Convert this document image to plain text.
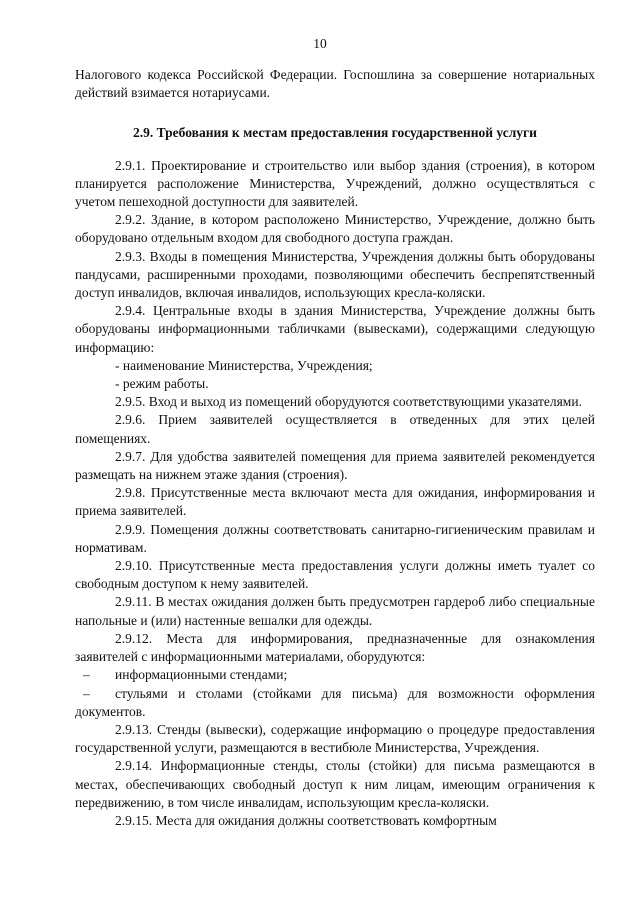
10

Налогового кодекса Российской Федерации. Госпошлина за совершение нотариальных действий взимается нотариусами.

2.9. Требования к местам предоставления государственной услуги

2.9.1. Проектирование и строительство или выбор здания (строения), в котором планируется расположение Министерства, Учреждений, должно осуществляться с учетом пешеходной доступности для заявителей.

2.9.2. Здание, в котором расположено Министерство, Учреждение, должно быть оборудовано отдельным входом для свободного доступа граждан.

2.9.3. Входы в помещения Министерства, Учреждения должны быть оборудованы пандусами, расширенными проходами, позволяющими обеспечить беспрепятственный доступ инвалидов, включая инвалидов, использующих кресла-коляски.

2.9.4. Центральные входы в здания Министерства, Учреждение должны быть оборудованы информационными табличками (вывесками), содержащими следующую информацию:

- наименование Министерства, Учреждения;

- режим работы.

2.9.5. Вход и выход из помещений оборудуются соответствующими указателями.

2.9.6. Прием заявителей осуществляется в отведенных для этих целей помещениях.

2.9.7. Для удобства заявителей помещения для приема заявителей рекомендуется размещать на нижнем этаже здания (строения).

2.9.8. Присутственные места включают места для ожидания, информирования и приема заявителей.

2.9.9. Помещения должны соответствовать санитарно-гигиеническим правилам и нормативам.

2.9.10. Присутственные места предоставления услуги должны иметь туалет со свободным доступом к нему заявителей.

2.9.11. В местах ожидания должен быть предусмотрен гардероб либо специальные напольные и (или) настенные вешалки для одежды.

2.9.12. Места для информирования, предназначенные для ознакомления заявителей с информационными материалами, оборудуются:

– информационными стендами;

– стульями и столами (стойками для письма) для возможности оформления документов.

2.9.13. Стенды (вывески), содержащие информацию о процедуре предоставления государственной услуги, размещаются в вестибюле Министерства, Учреждения.

2.9.14. Информационные стенды, столы (стойки) для письма размещаются в местах, обеспечивающих свободный доступ к ним лицам, имеющим ограничения к передвижению, в том числе инвалидам, использующим кресла-коляски.

2.9.15. Места для ожидания должны соответствовать комфортным
